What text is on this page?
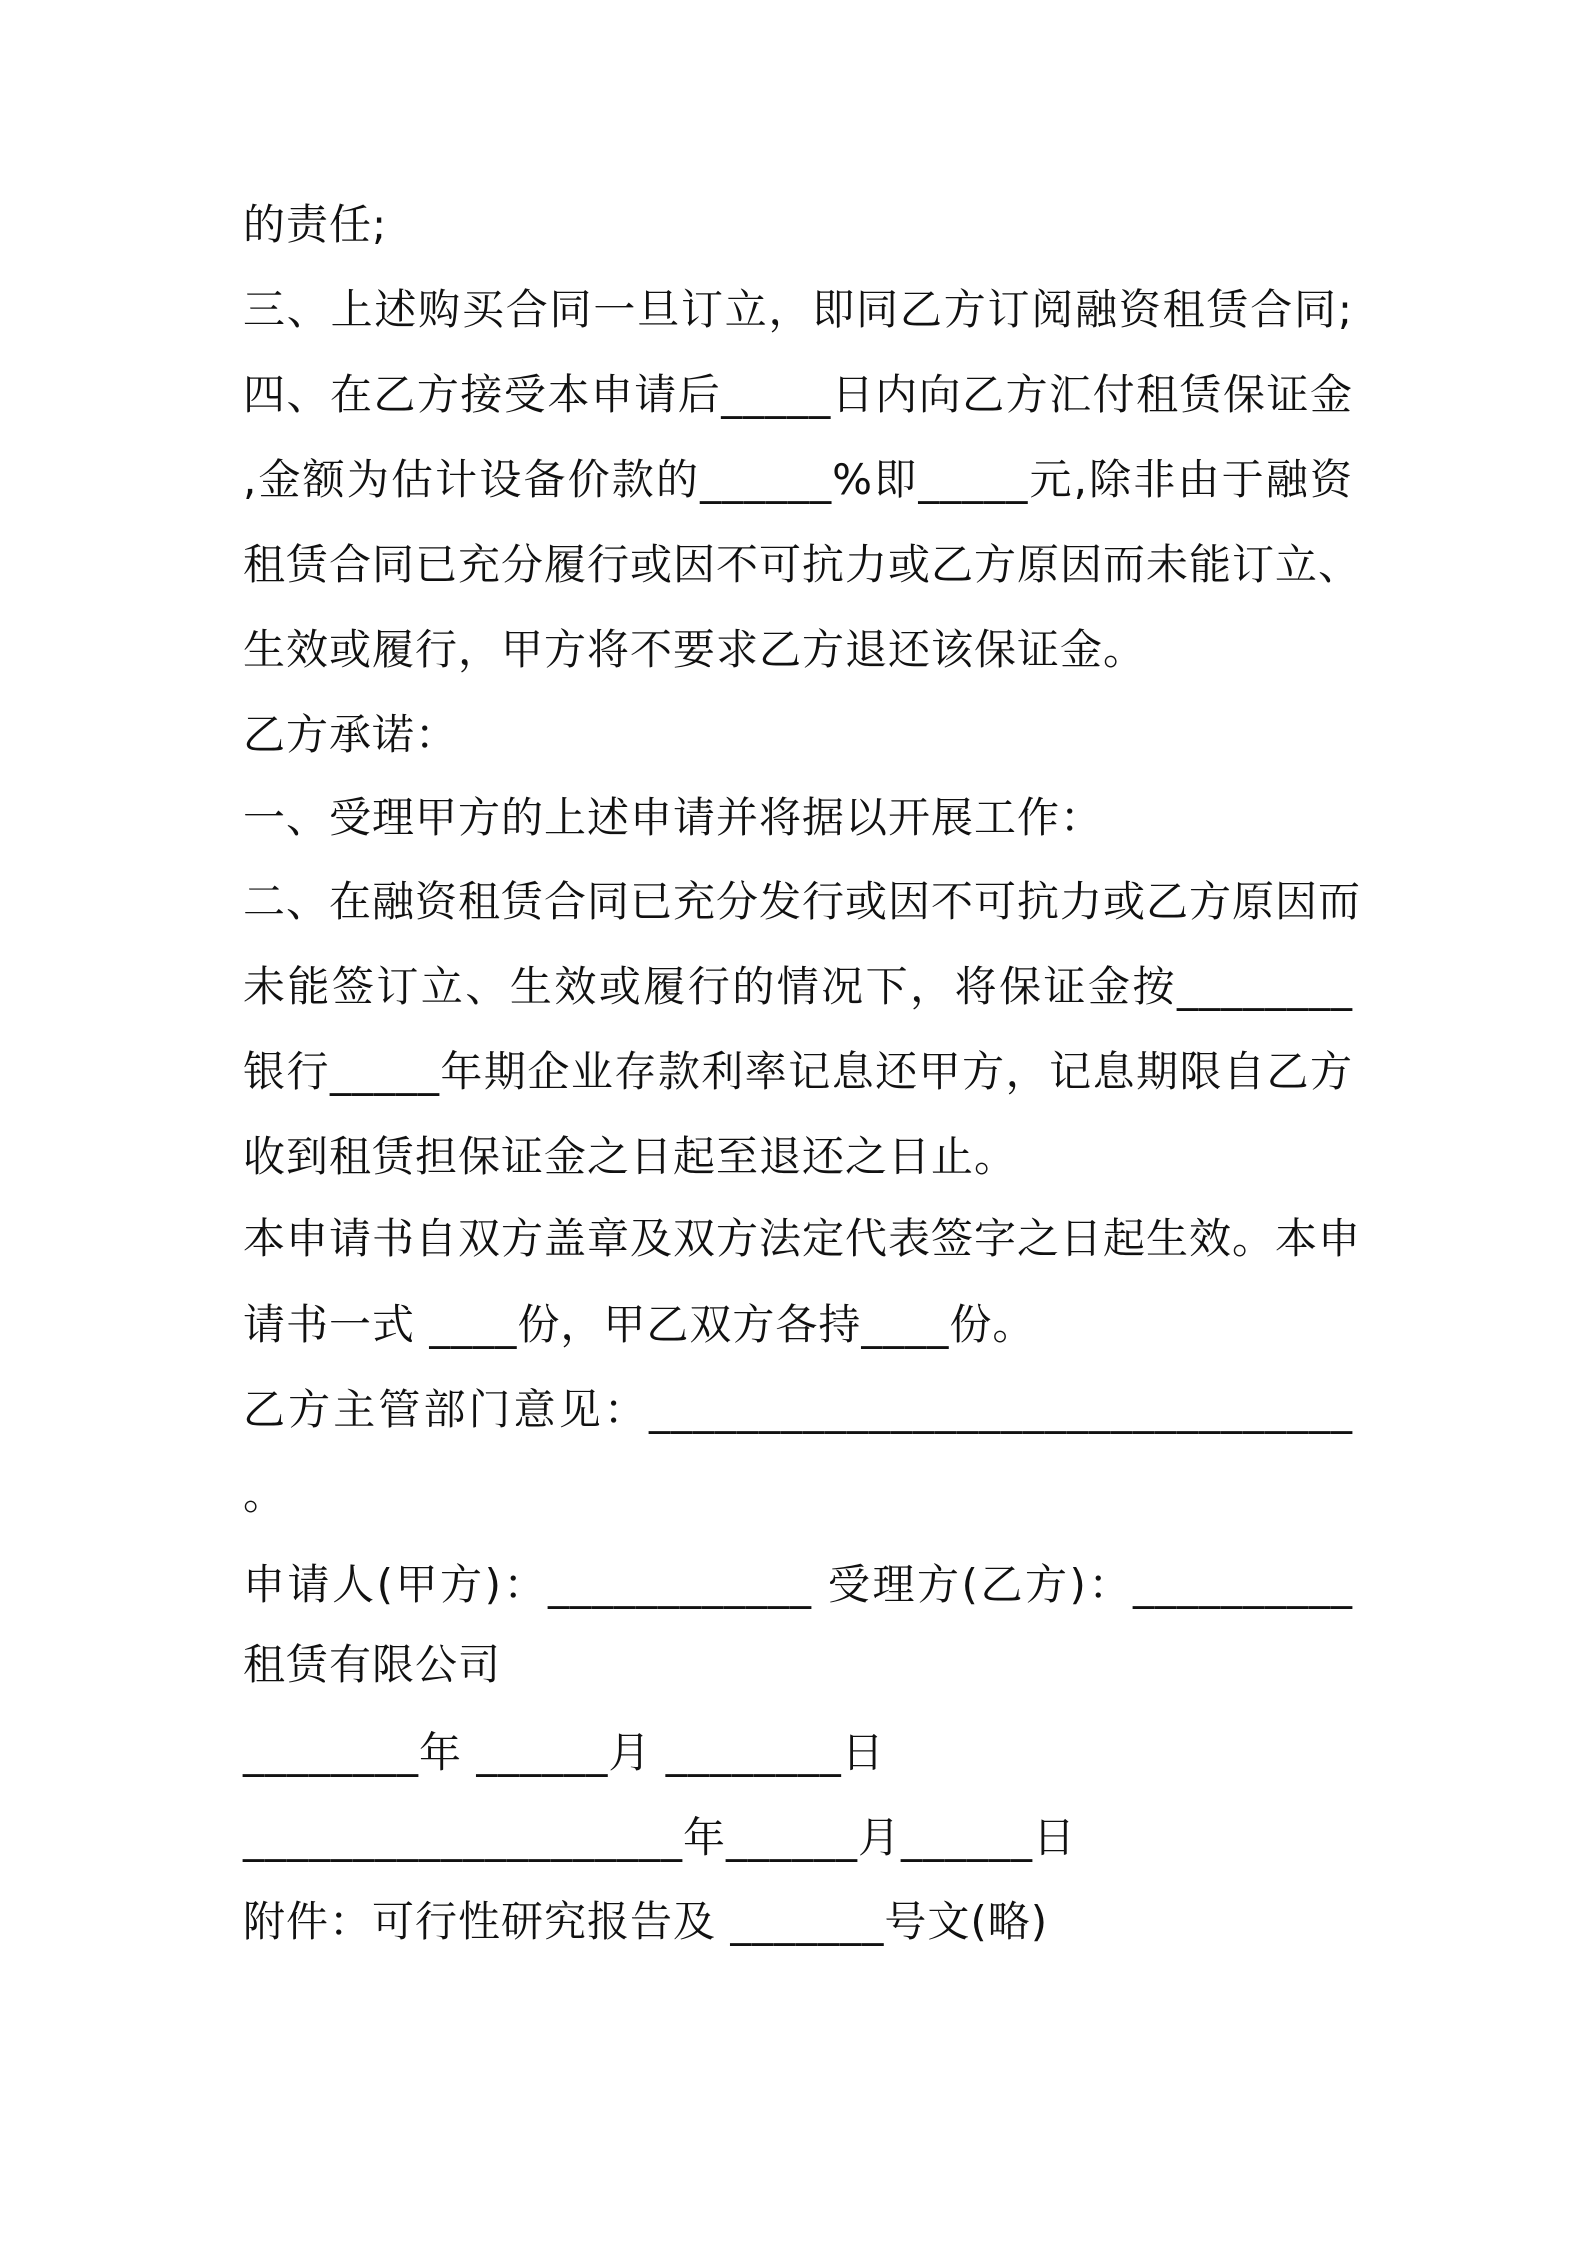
的责任;
三、上述购买合同一旦订立，即同乙方订阅融资租赁合同;
四、在乙方接受本申请后_____日内向乙方汇付租赁保证金
,金额为估计设备价款的______%即_____元,除非由于融资
租赁合同已充分履行或因不可抗力或乙方原因而未能订立、
生效或履行，甲方将不要求乙方退还该保证金。
乙方承诺：
一、受理甲方的上述申请并将据以开展工作：
二、在融资租赁合同已充分发行或因不可抗力或乙方原因而
未能签订立、生效或履行的情况下，将保证金按________
银行_____年期企业存款利率记息还甲方，记息期限自乙方
收到租赁担保证金之日起至退还之日止。
本申请书自双方盖章及双方法定代表签字之日起生效。本申
请书一式 ____份，甲乙双方各持____份。
乙方主管部门意见：________________________________
。
申请人(甲方)：____________ 受理方(乙方)：__________
租赁有限公司
________年 ______月 ________日
____________________年______月______日
附件：可行性研究报告及 _______号文(略)
